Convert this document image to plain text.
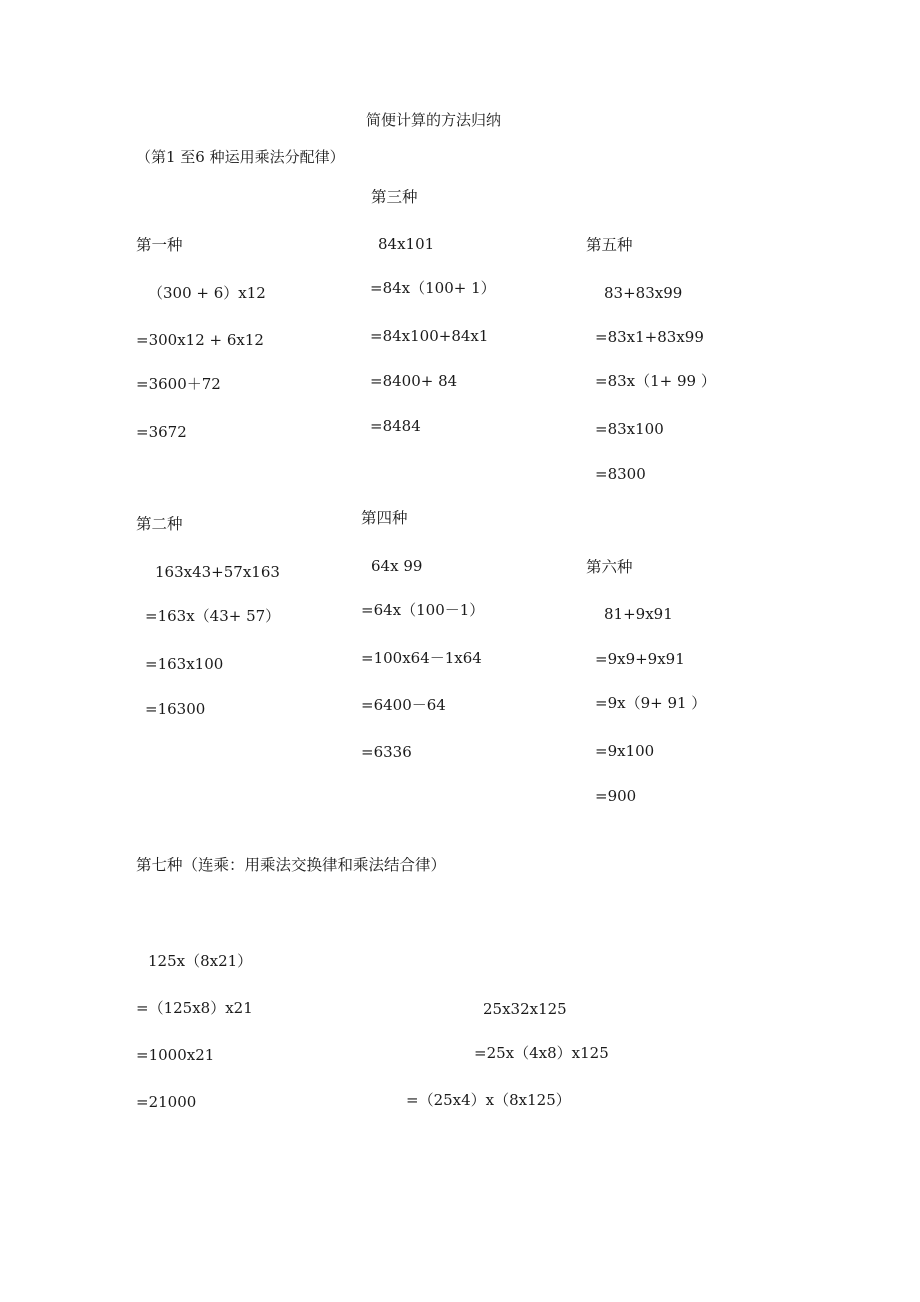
简便计算的方法归纳
（第1 至6 种运用乘法分配律）
第一种
（300 + 6）x12
=300x12 + 6x12
=3600＋72
=3672
第二种
163x43+57x163
=163x（43+ 57）
=163x100
=16300
第三种
84x101
=84x（100+ 1）
=84x100+84x1
=8400+ 84
=8484
第四种
64x 99
=64x（100－1）
=100x64－1x64
=6400－64
=6336
第五种
83+83x99
=83x1+83x99
=83x（1+ 99 ）
=83x100
=8300
第六种
81+9x91
=9x9+9x91
=9x（9+ 91 ）
=9x100
=900
第七种（连乘：用乘法交换律和乘法结合律）
125x（8x21）
=（125x8）x21
=1000x21
=21000
25x32x125
=25x（4x8）x125
=（25x4）x（8x125）
